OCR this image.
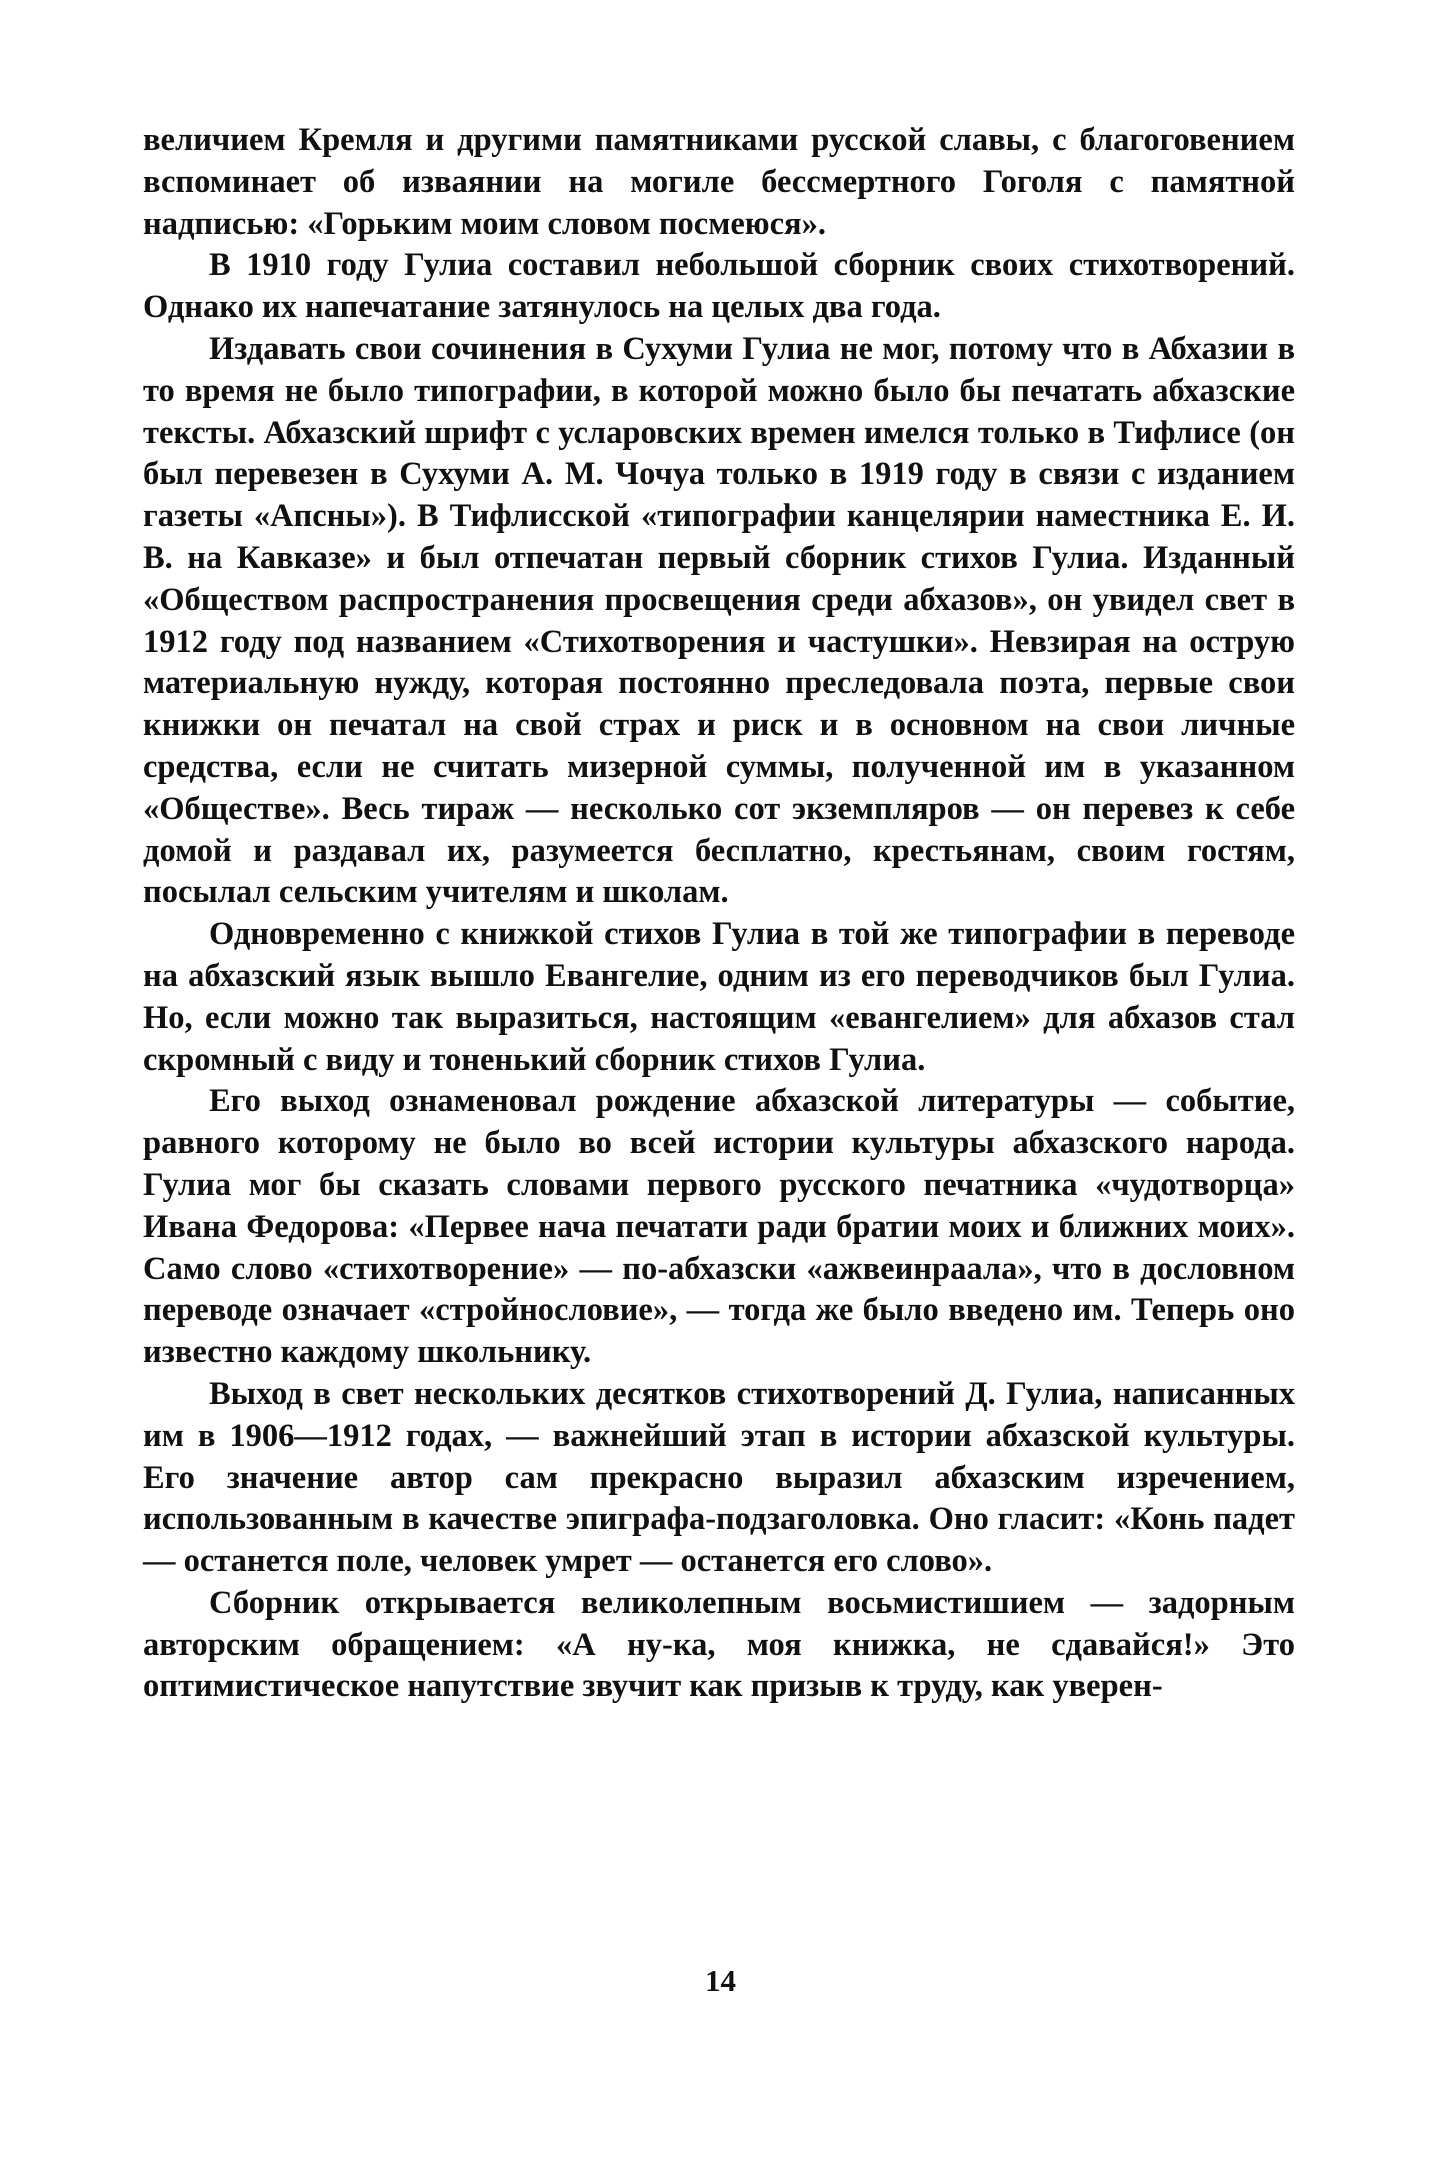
величием Кремля и другими памятниками русской славы, с благоговением вспоминает об изваянии на могиле бессмертного Гоголя с памятной надписью: «Горьким моим словом посмеюся».

В 1910 году Гулиа составил небольшой сборник своих стихотворений. Однако их напечатание затянулось на целых два года.

Издавать свои сочинения в Сухуми Гулиа не мог, потому что в Абхазии в то время не было типографии, в которой можно было бы печатать абхазские тексты. Абхазский шрифт с усларовских времен имелся только в Тифлисе (он был перевезен в Сухуми А. М. Чочуа только в 1919 году в связи с изданием газеты «Апсны»). В Тифлисской «типографии канцелярии наместника Е. И. В. на Кавказе» и был отпечатан первый сборник стихов Гулиа. Изданный «Обществом распространения просвещения среди абхазов», он увидел свет в 1912 году под названием «Стихотворения и частушки». Невзирая на острую материальную нужду, которая постоянно преследовала поэта, первые свои книжки он печатал на свой страх и риск и в основном на свои личные средства, если не считать мизерной суммы, полученной им в указанном «Обществе». Весь тираж — несколько сот экземпляров — он перевез к себе домой и раздавал их, разумеется бесплатно, крестьянам, своим гостям, посылал сельским учителям и школам.

Одновременно с книжкой стихов Гулиа в той же типографии в переводе на абхазский язык вышло Евангелие, одним из его переводчиков был Гулиа. Но, если можно так выразиться, настоящим «евангелием» для абхазов стал скромный с виду и тоненький сборник стихов Гулиа.

Его выход ознаменовал рождение абхазской литературы — событие, равного которому не было во всей истории культуры абхазского народа. Гулиа мог бы сказать словами первого русского печатника «чудотворца» Ивана Федорова: «Первее нача печатати ради братии моих и ближних моих». Само слово «стихотворение» — по-абхазски «ажвеинраала», что в дословном переводе означает «стройнословие», — тогда же было введено им. Теперь оно известно каждому школьнику.

Выход в свет нескольких десятков стихотворений Д. Гулиа, написанных им в 1906—1912 годах, — важнейший этап в истории абхазской культуры. Его значение автор сам прекрасно выразил абхазским изречением, использованным в качестве эпиграфа-подзаголовка. Оно гласит: «Конь падет — останется поле, человек умрет — останется его слово».

Сборник открывается великолепным восьмистишием — задорным авторским обращением: «А ну-ка, моя книжка, не сдавайся!» Это оптимистическое напутствие звучит как призыв к труду, как уверен-

14
